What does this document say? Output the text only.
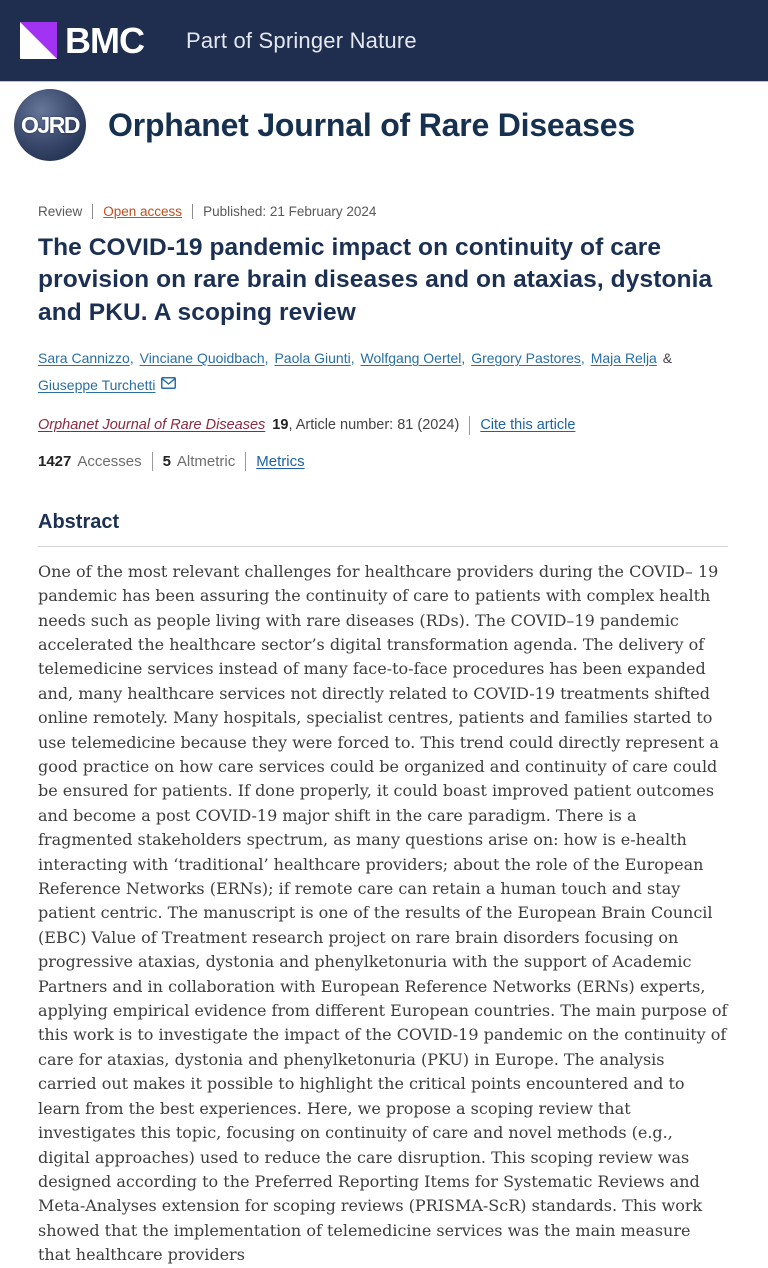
BMC Part of Springer Nature
OJRD Orphanet Journal of Rare Diseases
Review Open access Published: 21 February 2024
The COVID-19 pandemic impact on continuity of care provision on rare brain diseases and on ataxias, dystonia and PKU. A scoping review
Sara Cannizzo, Vinciane Quoidbach, Paola Giunti, Wolfgang Oertel, Gregory Pastores, Maja Relja & Giuseppe Turchetti
Orphanet Journal of Rare Diseases 19 , Article number: 81 (2024) Cite this article
1427 Accesses 5 Altmetric Metrics
Abstract

One of the most relevant challenges for healthcare providers during the COVID– 19 pandemic has been assuring the continuity of care to patients with complex health needs such as people living with rare diseases (RDs). The COVID–19 pandemic accelerated the healthcare sector’s digital transformation agenda. The delivery of telemedicine services instead of many face-to-face procedures has been expanded and, many healthcare services not directly related to COVID-19 treatments shifted online remotely. Many hospitals, specialist centres, patients and families started to use telemedicine because they were forced to. This trend could directly represent a good practice on how care services could be organized and continuity of care could be ensured for patients. If done properly, it could boast improved patient outcomes and become a post COVID-19 major shift in the care paradigm. There is a fragmented stakeholders spectrum, as many questions arise on: how is e-health interacting with ‘traditional’ healthcare providers; about the role of the European Reference Networks (ERNs); if remote care can retain a human touch and stay patient centric. The manuscript is one of the results of the European Brain Council (EBC) Value of Treatment research project on rare brain disorders focusing on progressive ataxias, dystonia and phenylketonuria with the support of Academic Partners and in collaboration with European Reference Networks (ERNs) experts, applying empirical evidence from different European countries. The main purpose of this work is to investigate the impact of the COVID-19 pandemic on the continuity of care for ataxias, dystonia and phenylketonuria (PKU) in Europe. The analysis carried out makes it possible to highlight the critical points encountered and to learn from the best experiences. Here, we propose a scoping review that investigates this topic, focusing on continuity of care and novel methods (e.g., digital approaches) used to reduce the care disruption. This scoping review was designed according to the Preferred Reporting Items for Systematic Reviews and Meta-Analyses extension for scoping reviews (PRISMA-ScR) standards. This work showed that the implementation of telemedicine services was the main measure that healthcare providers
